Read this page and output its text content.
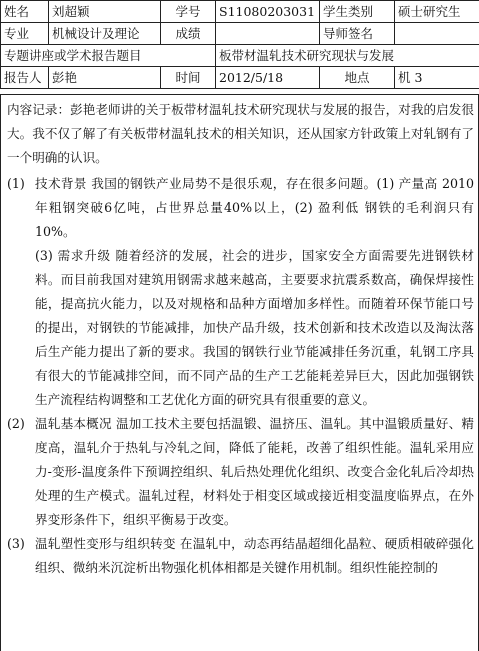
姓名	刘超颖	学号	S11080203031	学生类别	硕士研究生
专业	机械设计及理论	成绩		导师签名	
专题讲座或学术报告题目			板带材温轧技术研究现状与发展		
报告人	彭艳	时间	2012/5/18	地点	机 3

内容记录：彭艳老师讲的关于板带材温轧技术研究现状与发展的报告，对我的启发很大。我不仅了解了有关板带材温轧技术的相关知识，还从国家方针政策上对轧钢有了一个明确的认识。

(1) 技术背景 我国的钢铁产业局势不是很乐观，存在很多问题。(1) 产量高 2010年粗钢突破6亿吨，占世界总量40%以上，(2) 盈利低 钢铁的毛利润只有10%。
(3) 需求升级 随着经济的发展，社会的进步，国家安全方面需要先进钢铁材料。而目前我国对建筑用钢需求越来越高，主要要求抗震系数高，确保焊接性能，提高抗火能力，以及对规格和品种方面增加多样性。而随着环保节能口号的提出，对钢铁的节能减排，加快产品升级，技术创新和技术改造以及淘汰落后生产能力提出了新的要求。我国的钢铁行业节能减排任务沉重，轧钢工序具有很大的节能减排空间，而不同产品的生产工艺能耗差异巨大，因此加强钢铁生产流程结构调整和工艺优化方面的研究具有很重要的意义。
(2) 温轧基本概况 温加工技术主要包括温锻、温挤压、温轧。其中温锻质量好、精度高，温轧介于热轧与冷轧之间，降低了能耗，改善了组织性能。温轧采用应力-变形-温度条件下预调控组织、轧后热处理优化组织、改变合金化轧后冷却热处理的生产模式。温轧过程，材料处于相变区域或接近相变温度临界点，在外界变形条件下，组织平衡易于改变。
(3) 温轧塑性变形与组织转变 在温轧中，动态再结晶超细化晶粒、硬质相破碎强化组织、微纳米沉淀析出物强化机体相都是关键作用机制。组织性能控制的
